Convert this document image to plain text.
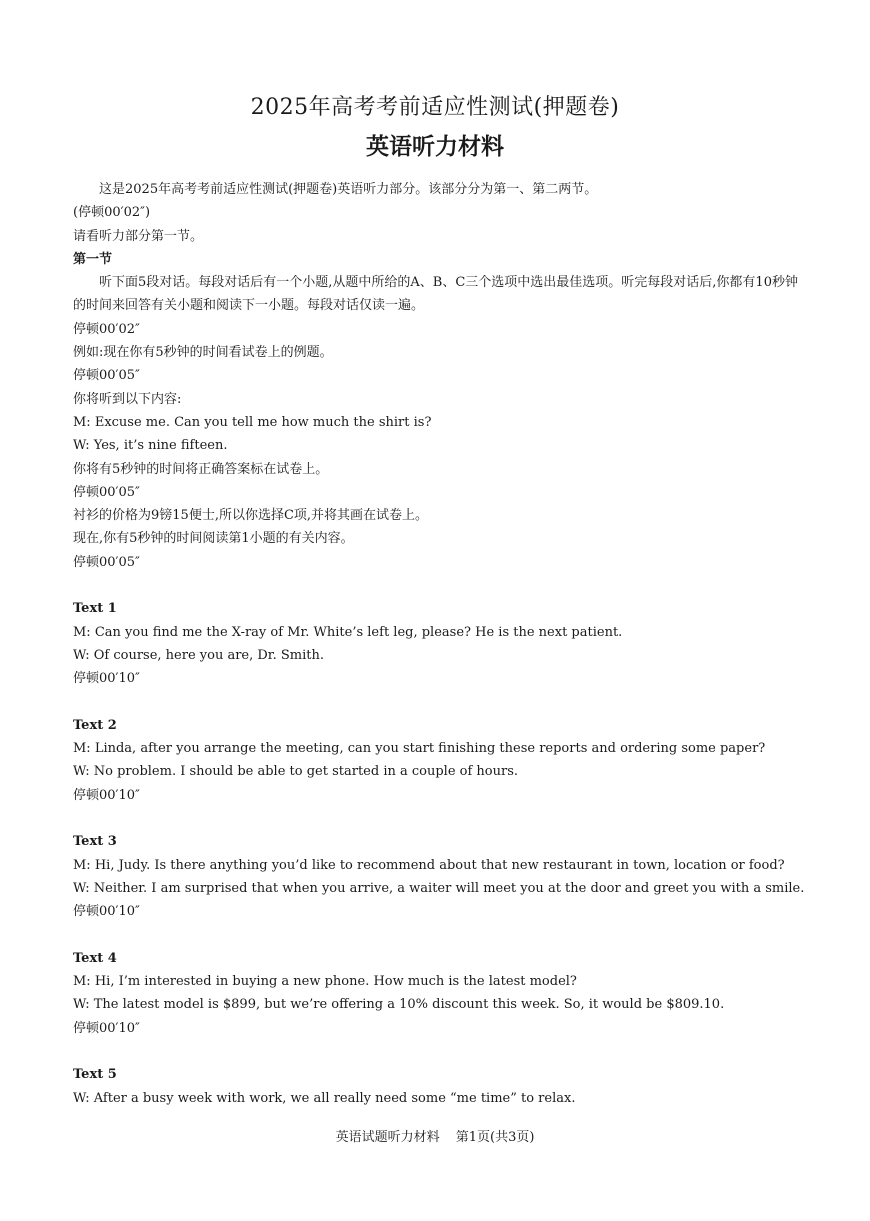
2025年高考考前适应性测试(押题卷)
英语听力材料
这是2025年高考考前适应性测试(押题卷)英语听力部分。该部分分为第一、第二两节。
(停顿00′02″)
请看听力部分第一节。
第一节
听下面5段对话。每段对话后有一个小题,从题中所给的A、B、C三个选项中选出最佳选项。听完每段对话后,你都有10秒钟的时间来回答有关小题和阅读下一小题。每段对话仅读一遍。
停顿00′02″
例如:现在你有5秒钟的时间看试卷上的例题。
停顿00′05″
你将听到以下内容:
M: Excuse me. Can you tell me how much the shirt is?
W: Yes, it’s nine fifteen.
你将有5秒钟的时间将正确答案标在试卷上。
停顿00′05″
衬衫的价格为9镑15便士,所以你选择C项,并将其画在试卷上。
现在,你有5秒钟的时间阅读第1小题的有关内容。
停顿00′05″
Text 1
M: Can you find me the X-ray of Mr. White’s left leg, please? He is the next patient.
W: Of course, here you are, Dr. Smith.
停顿00′10″
Text 2
M: Linda, after you arrange the meeting, can you start finishing these reports and ordering some paper?
W: No problem. I should be able to get started in a couple of hours.
停顿00′10″
Text 3
M: Hi, Judy. Is there anything you’d like to recommend about that new restaurant in town, location or food?
W: Neither. I am surprised that when you arrive, a waiter will meet you at the door and greet you with a smile.
停顿00′10″
Text 4
M: Hi, I’m interested in buying a new phone. How much is the latest model?
W: The latest model is $899, but we’re offering a 10% discount this week. So, it would be $809.10.
停顿00′10″
Text 5
W: After a busy week with work, we all really need some “me time” to relax.
英语试题听力材料 第1页(共3页)
